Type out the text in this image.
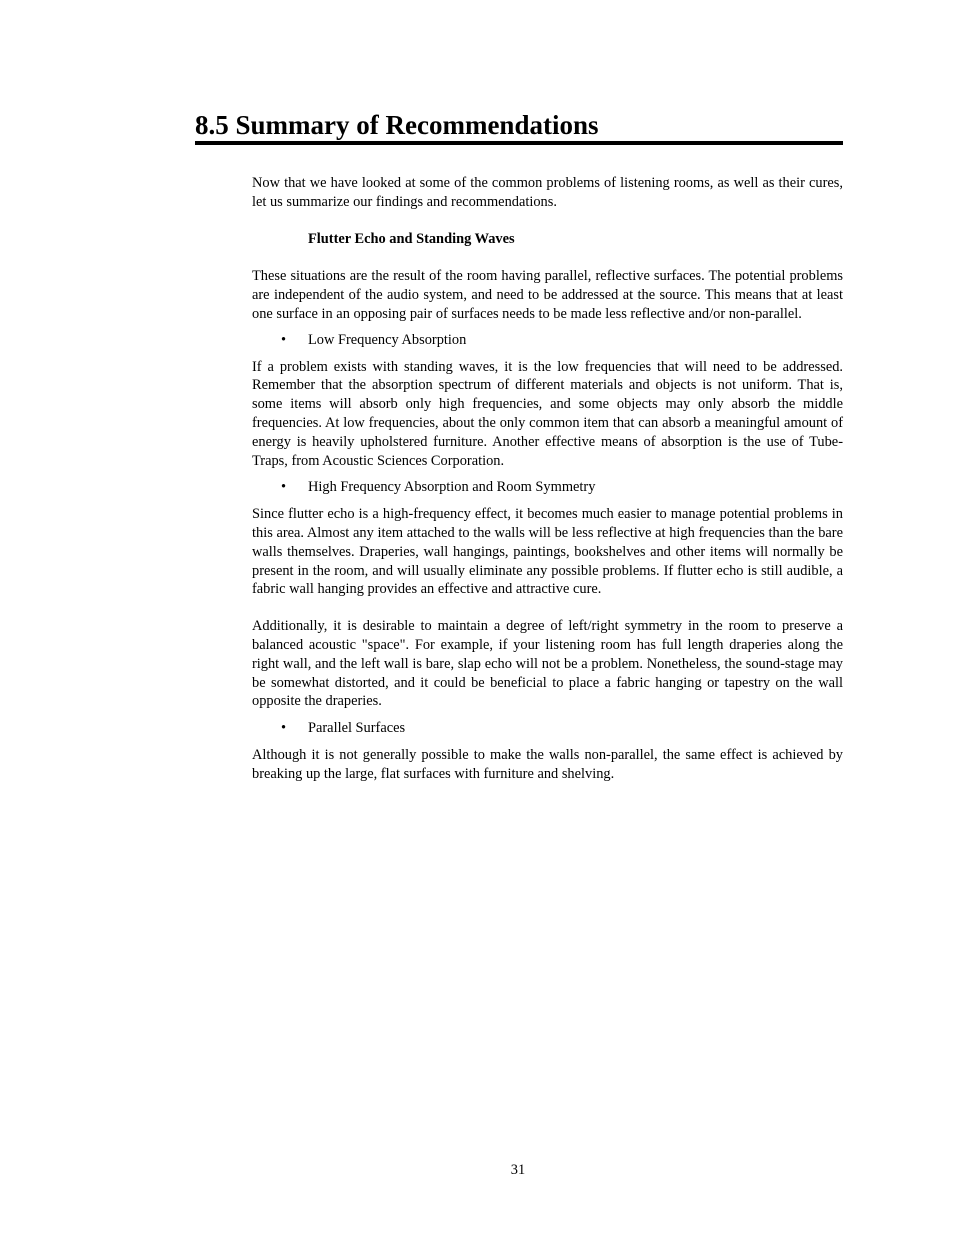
8.5 Summary of Recommendations

Now that we have looked at some of the common problems of listening rooms, as well as their cures, let us summarize our findings and recommendations.

Flutter Echo and Standing Waves

These situations are the result of the room having parallel, reflective surfaces. The potential problems are independent of the audio system, and need to be addressed at the source. This means that at least one surface in an opposing pair of surfaces needs to be made less reflective and/or non-parallel.

• Low Frequency Absorption

If a problem exists with standing waves, it is the low frequencies that will need to be addressed. Remember that the absorption spectrum of different materials and objects is not uniform. That is, some items will absorb only high frequencies, and some objects may only absorb the middle frequencies. At low frequencies, about the only common item that can absorb a meaningful amount of energy is heavily upholstered furniture. Another effective means of absorption is the use of Tube-Traps, from Acoustic Sciences Corporation.

• High Frequency Absorption and Room Symmetry

Since flutter echo is a high-frequency effect, it becomes much easier to manage potential problems in this area. Almost any item attached to the walls will be less reflective at high frequencies than the bare walls themselves. Draperies, wall hangings, paintings, bookshelves and other items will normally be present in the room, and will usually eliminate any possible problems. If flutter echo is still audible, a fabric wall hanging provides an effective and attractive cure.

Additionally, it is desirable to maintain a degree of left/right symmetry in the room to preserve a balanced acoustic "space". For example, if your listening room has full length draperies along the right wall, and the left wall is bare, slap echo will not be a problem. Nonetheless, the sound-stage may be somewhat distorted, and it could be beneficial to place a fabric hanging or tapestry on the wall opposite the draperies.

• Parallel Surfaces

Although it is not generally possible to make the walls non-parallel, the same effect is achieved by breaking up the large, flat surfaces with furniture and shelving.

31
